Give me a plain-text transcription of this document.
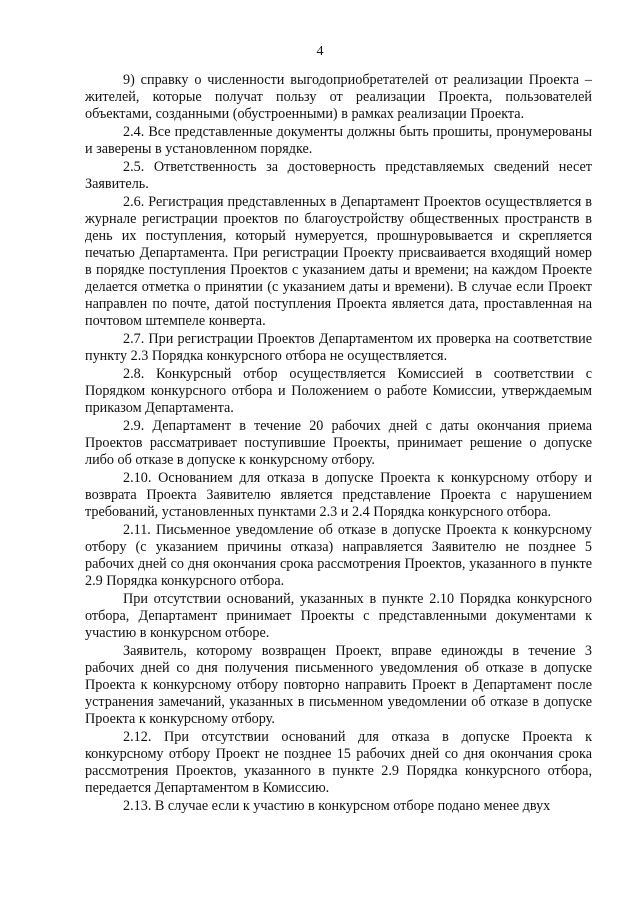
4

9) справку о численности выгодоприобретателей от реализации Проекта – жителей, которые получат пользу от реализации Проекта, пользователей объектами, созданными (обустроенными) в рамках реализации Проекта.

2.4. Все представленные документы должны быть прошиты, пронумерованы и заверены в установленном порядке.

2.5. Ответственность за достоверность представляемых сведений несет Заявитель.

2.6. Регистрация представленных в Департамент Проектов осуществляется в журнале регистрации проектов по благоустройству общественных пространств в день их поступления, который нумеруется, прошнуровывается и скрепляется печатью Департамента. При регистрации Проекту присваивается входящий номер в порядке поступления Проектов с указанием даты и времени; на каждом Проекте делается отметка о принятии (с указанием даты и времени). В случае если Проект направлен по почте, датой поступления Проекта является дата, проставленная на почтовом штемпеле конверта.

2.7. При регистрации Проектов Департаментом их проверка на соответствие пункту 2.3 Порядка конкурсного отбора не осуществляется.

2.8. Конкурсный отбор осуществляется Комиссией в соответствии с Порядком конкурсного отбора и Положением о работе Комиссии, утверждаемым приказом Департамента.

2.9. Департамент в течение 20 рабочих дней с даты окончания приема Проектов рассматривает поступившие Проекты, принимает решение о допуске либо об отказе в допуске к конкурсному отбору.

2.10. Основанием для отказа в допуске Проекта к конкурсному отбору и возврата Проекта Заявителю является представление Проекта с нарушением требований, установленных пунктами 2.3 и 2.4 Порядка конкурсного отбора.

2.11. Письменное уведомление об отказе в допуске Проекта к конкурсному отбору (с указанием причины отказа) направляется Заявителю не позднее 5 рабочих дней со дня окончания срока рассмотрения Проектов, указанного в пункте 2.9 Порядка конкурсного отбора.

При отсутствии оснований, указанных в пункте 2.10 Порядка конкурсного отбора, Департамент принимает Проекты с представленными документами к участию в конкурсном отборе.

Заявитель, которому возвращен Проект, вправе единожды в течение 3 рабочих дней со дня получения письменного уведомления об отказе в допуске Проекта к конкурсному отбору повторно направить Проект в Департамент после устранения замечаний, указанных в письменном уведомлении об отказе в допуске Проекта к конкурсному отбору.

2.12. При отсутствии оснований для отказа в допуске Проекта к конкурсному отбору Проект не позднее 15 рабочих дней со дня окончания срока рассмотрения Проектов, указанного в пункте 2.9 Порядка конкурсного отбора, передается Департаментом в Комиссию.

2.13. В случае если к участию в конкурсном отборе подано менее двух
